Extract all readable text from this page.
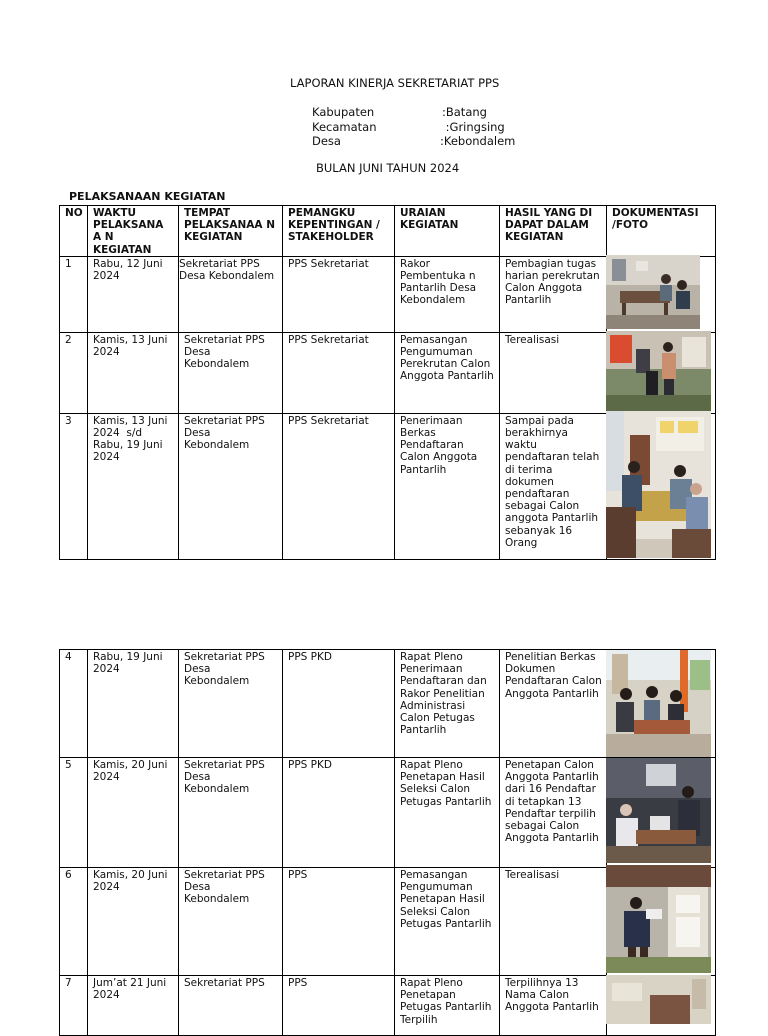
LAPORAN KINERJA SEKRETARIAT PPS
Kabupaten	:Batang
Kecamatan	:Gringsing
Desa	:Kebondalem
BULAN JUNI TAHUN 2024
PELAKSANAAN KEGIATAN
NO	WAKTU PELAKSANA A N KEGIATAN	TEMPAT PELAKSANAA N KEGIATAN	PEMANGKU KEPENTINGAN / STAKEHOLDER	URAIAN KEGIATAN	HASIL YANG DI DAPAT DALAM KEGIATAN	DOKUMENTASI /FOTO
1	Rabu, 12 Juni 2024	Sekretariat PPS Desa Kebondalem	PPS Sekretariat	Rakor Pembentuka n Pantarlih Desa Kebondalem	Pembagian tugas harian perekrutan Calon Anggota Pantarlih	
2	Kamis, 13 Juni 2024	Sekretariat PPS Desa Kebondalem	PPS Sekretariat	Pemasangan Pengumuman Perekrutan Calon Anggota Pantarlih	Terealisasi	
3	Kamis, 13 Juni 2024  s/d Rabu, 19 Juni 2024	Sekretariat PPS Desa Kebondalem	PPS Sekretariat	Penerimaan Berkas Pendaftaran Calon Anggota Pantarlih	Sampai pada berakhirnya waktu pendaftaran telah di terima dokumen pendaftaran sebagai Calon anggota Pantarlih sebanyak 16 Orang	
4	Rabu, 19 Juni 2024	Sekretariat PPS Desa Kebondalem	PPS PKD	Rapat Pleno Penerimaan Pendaftaran dan Rakor Penelitian Administrasi Calon Petugas Pantarlih	Penelitian Berkas Dokumen Pendaftaran Calon Anggota Pantarlih	
5	Kamis, 20 Juni 2024	Sekretariat PPS Desa Kebondalem	PPS PKD	Rapat Pleno Penetapan Hasil Seleksi Calon Petugas Pantarlih	Penetapan Calon Anggota Pantarlih dari 16 Pendaftar di tetapkan 13 Pendaftar terpilih sebagai Calon Anggota Pantarlih	
6	Kamis, 20 Juni 2024	Sekretariat PPS Desa Kebondalem	PPS	Pemasangan Pengumuman Penetapan Hasil Seleksi Calon Petugas Pantarlih	Terealisasi	
7	Jum’at 21 Juni 2024	Sekretariat PPS	PPS	Rapat Pleno Penetapan Petugas Pantarlih Terpilih	Terpilihnya 13 Nama Calon Anggota Pantarlih	
